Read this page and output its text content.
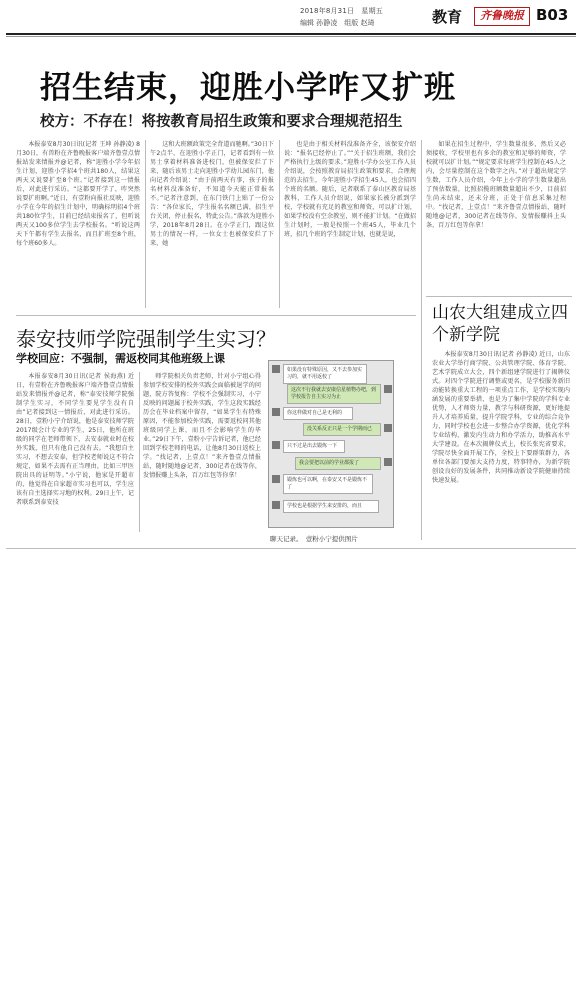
2018年8月31日　星期五
编辑 孙静凌　组版 赵琦	教育	齐鲁晚报 B03
招生结束，迎胜小学咋又扩班
校方：不存在！将按教育局招生政策和要求合理规范招生

本报泰安8月30日讯(记者 王坤 孙静凌) 8月30日，有兽粉在齐鲁晚报客户端齐鲁壹点情报站发来情报并@记者，称“迎胜小学今年招生计划，迎胜小学招4个班共180人，结果这两天又说要扩至8个班。”记者接到这一情报后，对此进行采访。“这都要开学了，咋突然说要扩班啊。”近日，有壹粉向报社反映，迎胜小学在今年的招生计划中，明确标明招4个班共180位学生，目前已经结束报名了，但听说两天又100多位学生去学校报名。“听说这两天下午都有学生去报名，而且扩班至8个班，每个班60多人。

这和大班额政策完全背道而驰啊。”30日下午2点半，在迎胜小学正门，记者看到有一位男士拿着材料准备进校门，但被保安拦了下来，随后该男士走向迎胜小学幼儿园东门，他向记者介绍说：“由于前两天有事，孩子的报名材料没准备好，不知道今天能正常报名不。”记者注意到，在东门铁门上贴了一份公告：“各位家长，学生报名名额已满，招生平台关闭，停止报名，特此公告。”落款为迎胜小学，2018年8月28日。在小学正门，跟这位男士的情况一样，一位女士也被保安拦了下来，她

也是由于相关材料没准备齐全，该保安介绍说：“报名已经停止了。”“关于招生班额，我们会严格执行上级的要求。”迎胜小学办公室工作人员介绍说，会按照教育局招生政策和要求，合理规范的去招生，今年迎胜小学招生45人，也会招四个班的名额。随后，记者联系了泰山区教育局基教科，工作人员介绍说，如果家长被分派到学校，学校就有充足的教室和师资，可以扩计划，如果学校没有空余教室，则不能扩计划。“在做招生计划时，一般是按照一个班45人，毕业几个班，招几个班的学生制定计划，也就是说，

如果在招生过程中，学生数量很多，然后又必须接收，学校里也有多余的教室和足够的师资，学校就可以扩计划。”“规定要求每班学生控制在45人之内，会尽量控制在这个数字之内。”对于超出规定学生数，工作人员介绍，今年上小学的学生数量超出了预估数量，比照招揽班额数量超出不少，目前招生尚未结束，还未分班，正处于信息采集过程中。“找记者，上壹点！”来齐鲁壹点情报站，随时随地@记者，300记者在线等你，发情报赚抖上头条，百万红包等你拿！

泰安技师学院强制学生实习？
学校回应：不强制，需返校同其他班级上课

本报泰安8月30日讯(记者 侯海燕) 近日，有壹粉在齐鲁晚报客户端齐鲁壹点情报站发来情报并@记者，称“泰安技师学院强制学生实习，不同学生要见学生没有自由”记者接到这一情报后，对此进行采访。28日，壹粉小宁介绍说，他是泰安技师学院2017级会计专业的学生，25日，他所在班级的同学在老师带领下，去安泰就业时在校外实践，但只有他自己没有去。“我想自主实习，不想去安泰，但学校老师说这不符合规定，如果不去需有正当理由，比如三甲医院出具的证明等。”小宁说，他家是开超市的，他觉得在自家超市实习也可以，学生应该有自主选择实习地的权利。29日上午，记者联系到泰安技

师学院相关负责老师，针对小宁组心得参加学校安排的校外实践会面临被退学的问题，院方答复称：学校不会强制实习，小宁反映的问题属于校外实践，学生这段实践经历会在毕业档案中留存，“如果学生有特殊原因，不能参加校外实践，需要返校同其他班级同学上课，而且不会影响学生的毕业。”29日下午，壹粉小宁告诉记者，他已经回到学校老师的电话，让他8月30日返校上学。“找记者，上壹点！”来齐鲁壹点情报站，随时随地@记者，300记者在线等你，发情报赚上头条，百万红包等你拿！

如果没有特殊原因，又不去参加实习的，就不用返校了
这次不行我就去安康信星植物办吧，到学校报告自主实习为止
你这样做对自己是无利的
没关系反正只是一个学期而已
只不过是出去锻炼一下
我会要把以前的学业都报了
锻炼也可以啊，在泰安又不是锻炼不了
学校也是根据学生来安排的，而且
聊天记录。　壹粉小宁提供图片
山农大组建成立四个新学院

本报泰安8月30日讯(记者 孙静凌) 近日，山东农业大学举行商学院、公共管理学院、体育学院、艺术学院成立大会，四个新组建学院进行了揭牌仪式。对四个学院进行调整或更名，是学校服务新旧动能转换重大工程的一项重点工作，是学校实现内涵发展的重要举措，也是为了集中学院的学科专业优势，人才师资力量，教学与科研资源，更好地提升人才培养质量，提升学院学科，专业的综合竞争力，同时学校也会进一步整合办学资源，优化学科专业结构，激发内生动力和办学活力，助推高水平大学建设。在本次揭牌仪式上，校长张宪省要求，学院尽快全面开展工作，全校上下要群策群力，各单位各部门要加大支持力度，特事特办，为新学院创设良好的发展条件，共同推动新设学院健康持续快速发展。
